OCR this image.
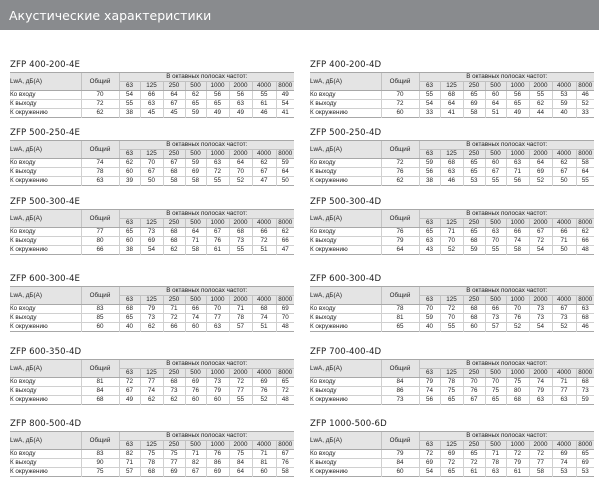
Акустические характеристики
ZFP 400-200-4E
LwA, дБ(A)	Общий	В октавных полосах частот:							
		63	125	250	500	1000	2000	4000	8000
Ко входу	70	54	66	64	62	56	56	55	49
К выходу	72	55	63	67	65	65	63	61	54
К окружению	62	38	45	45	59	49	49	46	41
ZFP 400-200-4D
LwA, дБ(A)	Общий	В октавных полосах частот:							
		63	125	250	500	1000	2000	4000	8000
Ко входу	70	55	68	65	60	56	55	53	46
К выходу	72	54	64	69	64	65	62	59	52
К окружению	60	33	41	58	51	49	44	40	33
ZFP 500-250-4E
LwA, дБ(A)	Общий	В октавных полосах частот:							
		63	125	250	500	1000	2000	4000	8000
Ко входу	74	62	70	67	59	63	64	62	59
К выходу	78	60	67	68	69	72	70	67	64
К окружению	63	39	50	58	58	55	52	47	50
ZFP 500-250-4D
LwA, дБ(A)	Общий	В октавных полосах частот:							
		63	125	250	500	1000	2000	4000	8000
Ко входу	72	59	68	65	60	63	64	62	58
К выходу	76	56	63	65	67	71	69	67	64
К окружению	62	38	46	53	55	56	52	50	55
ZFP 500-300-4E
LwA, дБ(A)	Общий	В октавных полосах частот:							
		63	125	250	500	1000	2000	4000	8000
Ко входу	77	65	73	68	64	67	68	66	62
К выходу	80	60	69	68	71	76	73	72	66
К окружению	66	38	54	62	58	61	55	51	47
ZFP 500-300-4D
LwA, дБ(A)	Общий	В октавных полосах частот:							
		63	125	250	500	1000	2000	4000	8000
Ко входу	76	65	71	65	63	66	67	66	62
К выходу	79	63	70	68	70	74	72	71	66
К окружению	64	43	52	59	55	58	54	50	48
ZFP 600-300-4E
LwA, дБ(A)	Общий	В октавных полосах частот:							
		63	125	250	500	1000	2000	4000	8000
Ко входу	83	68	79	71	66	70	71	68	69
К выходу	85	65	73	72	74	77	78	74	70
К окружению	60	40	62	66	60	63	57	51	48
ZFP 600-300-4D
LwA, дБ(A)	Общий	В октавных полосах частот:							
		63	125	250	500	1000	2000	4000	8000
Ко входу	78	70	72	68	66	70	73	67	63
К выходу	81	59	70	68	73	76	73	73	68
К окружению	65	40	55	60	57	52	54	52	46
ZFP 600-350-4D
LwA, дБ(A)	Общий	В октавных полосах частот:							
		63	125	250	500	1000	2000	4000	8000
Ко входу	81	72	77	68	69	73	72	69	65
К выходу	84	67	74	73	76	79	77	76	72
К окружению	68	49	62	62	60	60	55	52	48
ZFP 700-400-4D
LwA, дБ(A)	Общий	В октавных полосах частот:							
		63	125	250	500	1000	2000	4000	8000
Ко входу	84	79	78	70	70	75	74	71	68
К выходу	86	74	75	76	75	80	79	77	73
К окружению	73	56	65	67	65	68	63	63	59
ZFP 800-500-4D
LwA, дБ(A)	Общий	В октавных полосах частот:							
		63	125	250	500	1000	2000	4000	8000
Ко входу	83	82	75	75	71	76	75	71	67
К выходу	90	71	78	77	82	86	84	81	76
К окружению	75	57	68	69	67	69	64	60	58
ZFP 1000-500-6D
LwA, дБ(A)	Общий	В октавных полосах частот:							
		63	125	250	500	1000	2000	4000	8000
Ко входу	79	72	69	65	71	72	72	69	65
К выходу	84	69	72	72	78	79	77	74	69
К окружению	60	54	65	61	63	61	58	53	53
